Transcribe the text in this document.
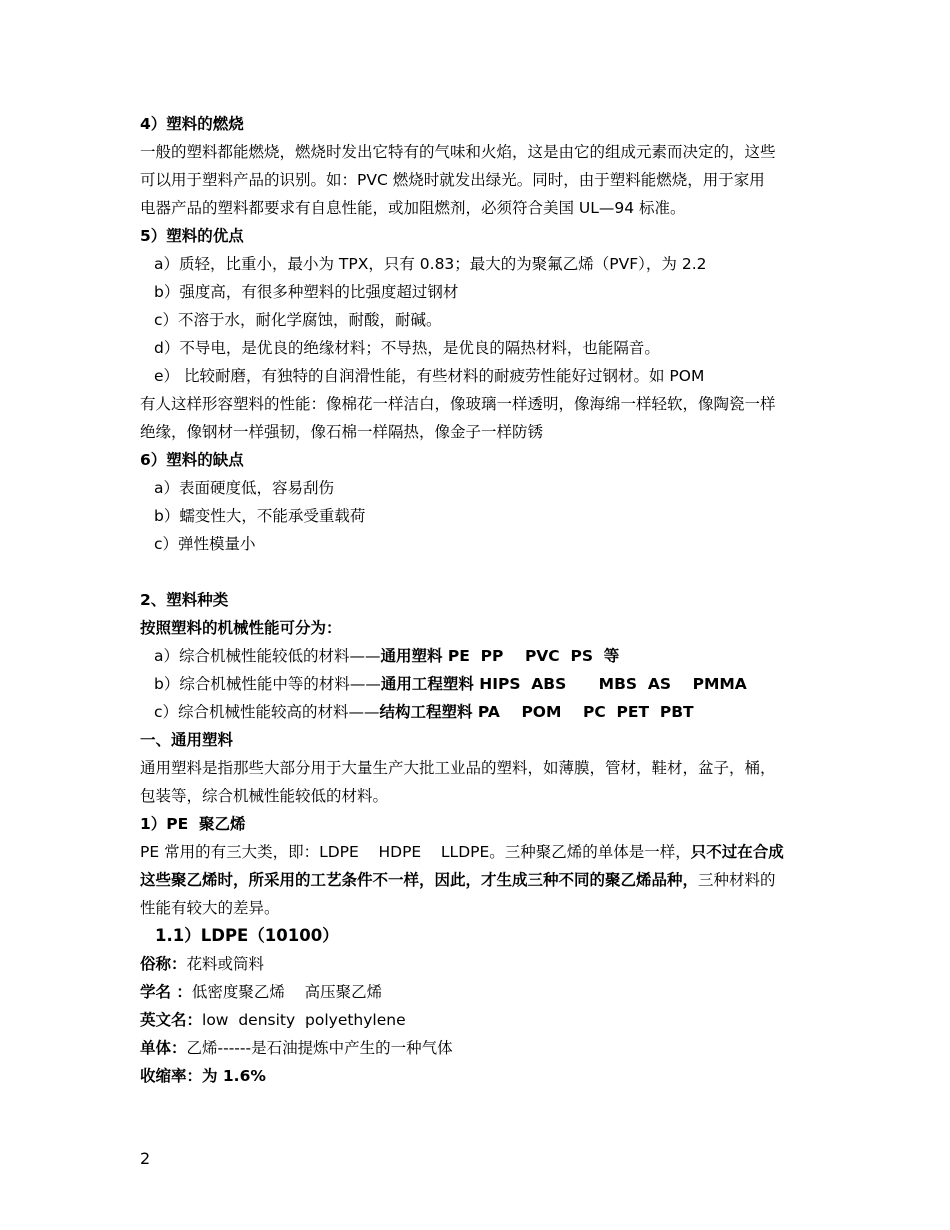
4）塑料的燃烧
一般的塑料都能燃烧，燃烧时发出它特有的气味和火焰，这是由它的组成元素而决定的，这些
可以用于塑料产品的识别。如：PVC 燃烧时就发出绿光。同时，由于塑料能燃烧，用于家用
电器产品的塑料都要求有自息性能，或加阻燃剂，必须符合美国 UL—94 标准。
5）塑料的优点
a）质轻，比重小，最小为 TPX，只有 0.83；最大的为聚氟乙烯（PVF），为 2.2
b）强度高，有很多种塑料的比强度超过钢材
c）不溶于水，耐化学腐蚀，耐酸，耐碱。
d）不导电，是优良的绝缘材料；不导热，是优良的隔热材料，也能隔音。
e） 比较耐磨，有独特的自润滑性能，有些材料的耐疲劳性能好过钢材。如 POM
有人这样形容塑料的性能：像棉花一样洁白，像玻璃一样透明，像海绵一样轻软，像陶瓷一样
绝缘，像钢材一样强韧，像石棉一样隔热，像金子一样防锈
6）塑料的缺点
a）表面硬度低，容易刮伤
b）蠕变性大，不能承受重载荷
c）弹性模量小
2、塑料种类
按照塑料的机械性能可分为：
a）综合机械性能较低的材料——通用塑料 PE  PP    PVC  PS  等
b）综合机械性能中等的材料——通用工程塑料 HIPS  ABS      MBS  AS    PMMA
c）综合机械性能较高的材料——结构工程塑料 PA    POM    PC  PET  PBT
一、通用塑料
通用塑料是指那些大部分用于大量生产大批工业品的塑料，如薄膜，管材，鞋材，盆子，桶，
包装等，综合机械性能较低的材料。
1）PE  聚乙烯
PE 常用的有三大类，即：LDPE    HDPE    LLDPE。三种聚乙烯的单体是一样，只不过在合成
这些聚乙烯时，所采用的工艺条件不一样，因此，才生成三种不同的聚乙烯品种，三种材料的
性能有较大的差异。
1.1）LDPE（10100）
俗称：花料或筒料
学名 ：低密度聚乙烯    高压聚乙烯
英文名：low  density  polyethylene
单体：乙烯------是石油提炼中产生的一种气体
收缩率：为 1.6%
2
